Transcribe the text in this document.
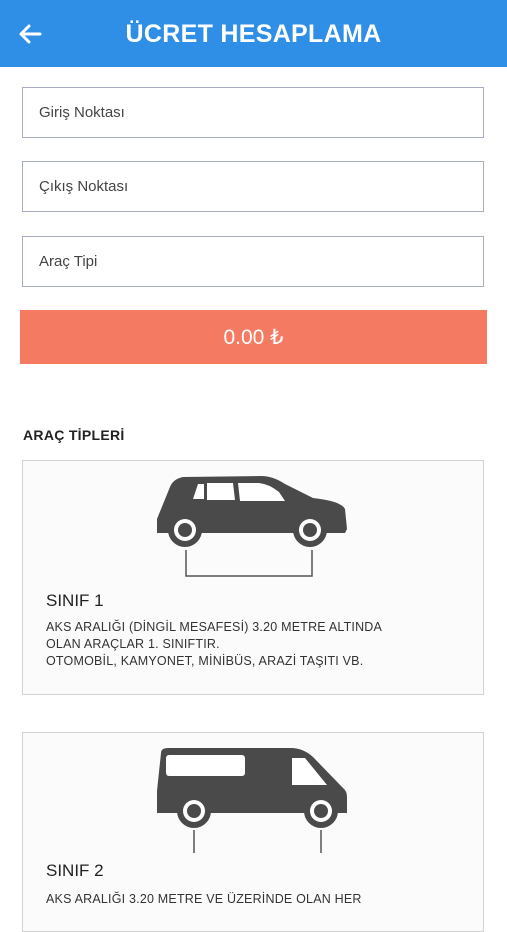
ÜCRET HESAPLAMA
Giriş Noktası
Çıkış Noktası
Araç Tipi
0.00 ₺
ARAÇ TİPLERİ
SINIF 1
AKS ARALIĞI (DİNGİL MESAFESİ) 3.20 METRE ALTINDA
OLAN ARAÇLAR 1. SINIFTIR.
OTOMOBİL, KAMYONET, MİNİBÜS, ARAZİ TAŞITI VB.
SINIF 2
AKS ARALIĞI 3.20 METRE VE ÜZERİNDE OLAN HER
